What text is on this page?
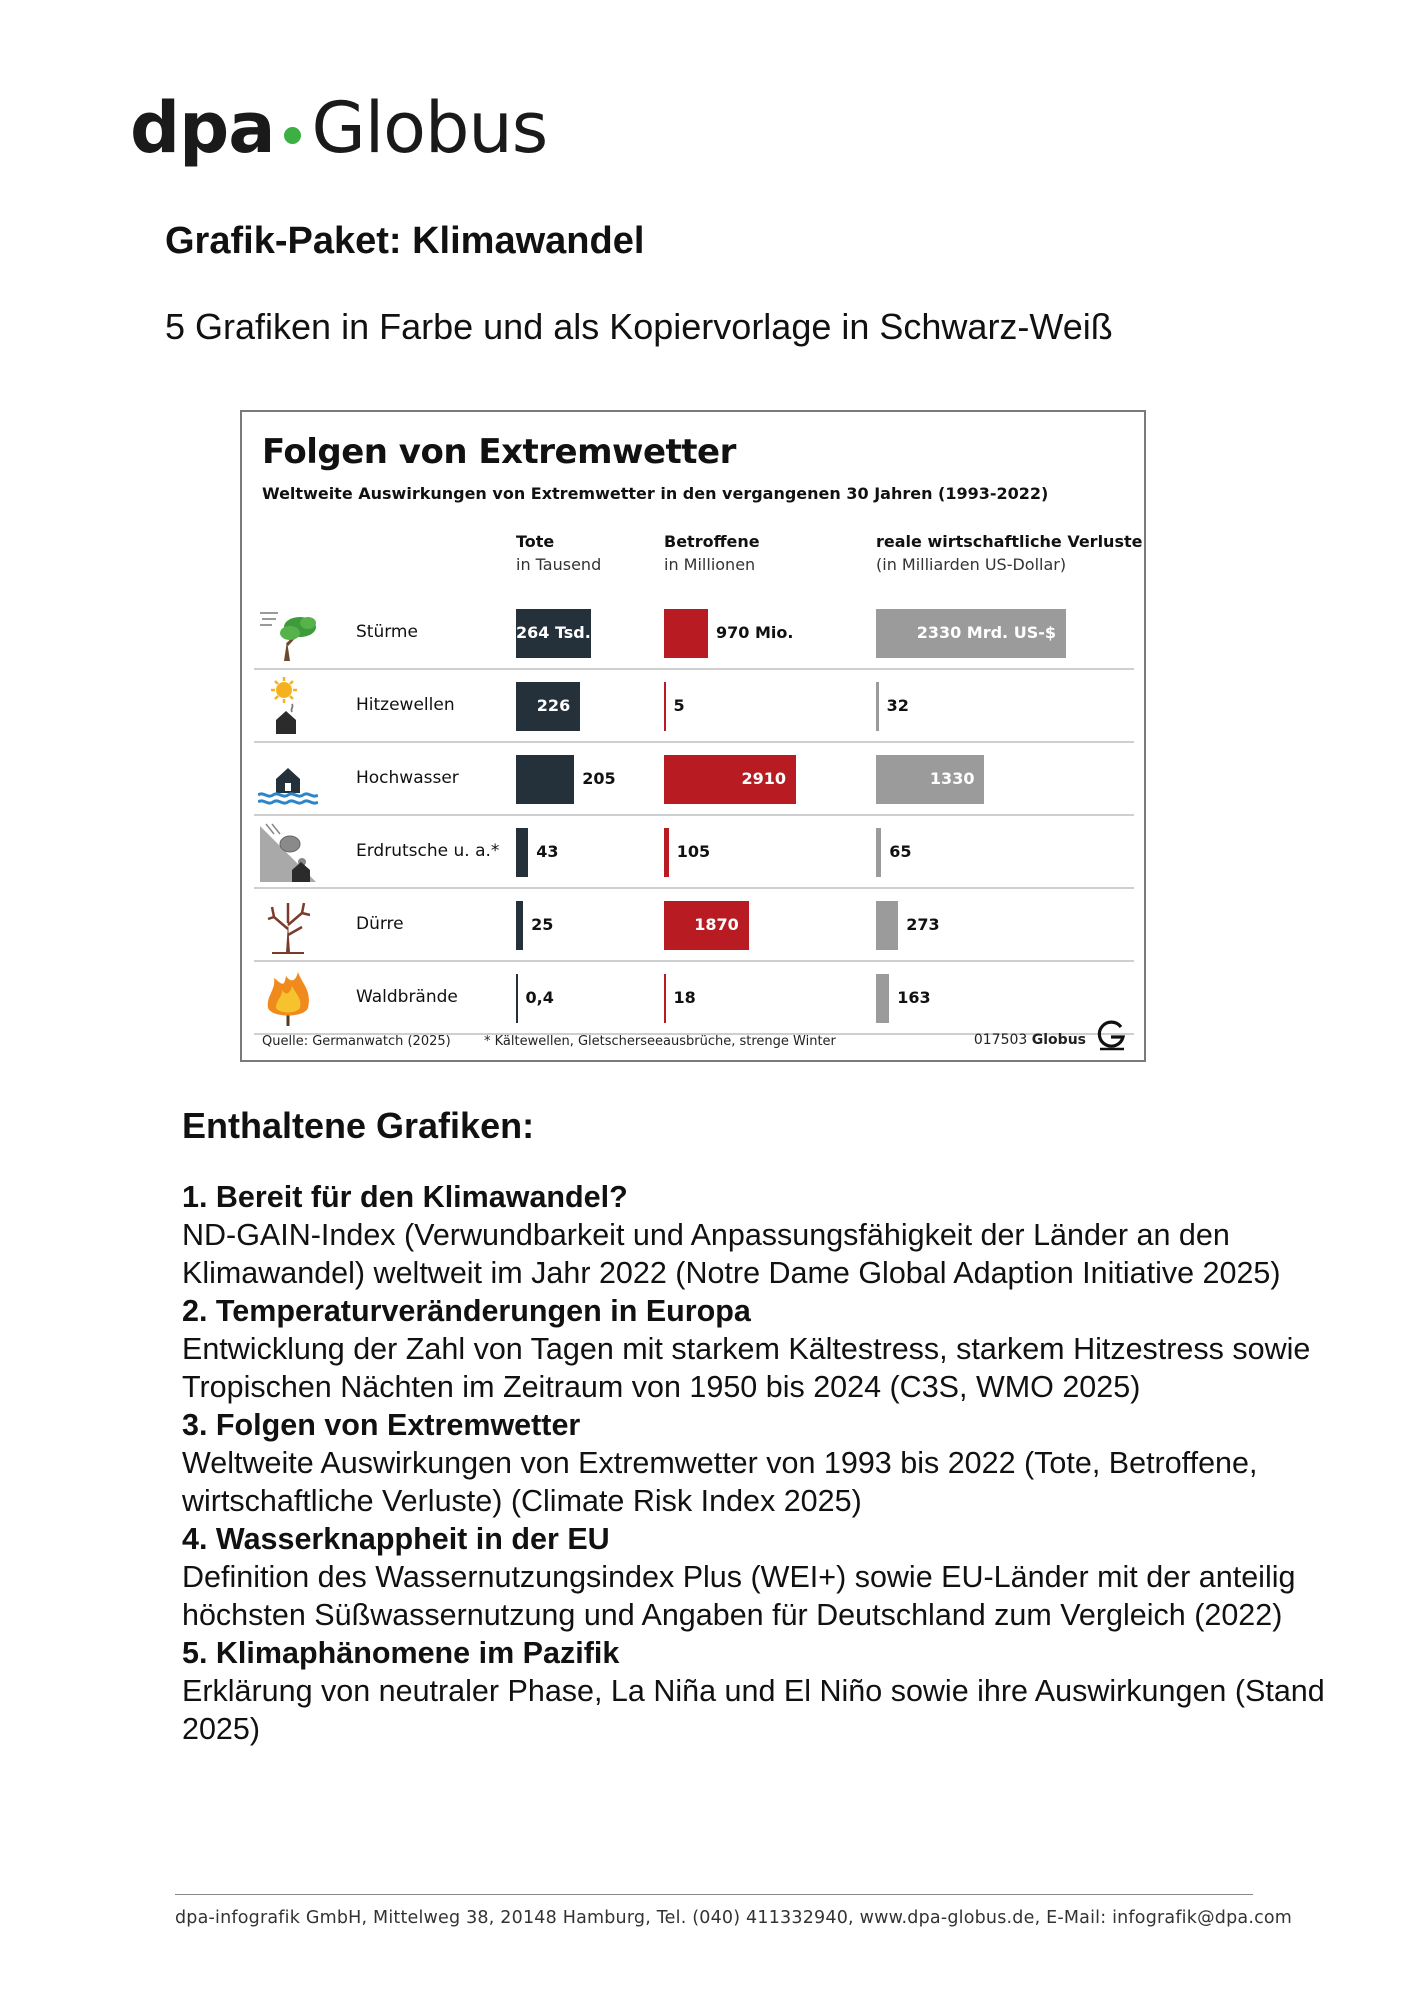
dpa Globus
Grafik-Paket: Klimawandel

5 Grafiken in Farbe und als Kopiervorlage in Schwarz-Weiß

Folgen von Extremwetter
Weltweite Auswirkungen von Extremwetter in den vergangenen 30 Jahren (1993-2022)
Tote
in Tausend
Betroffene
in Millionen
reale wirtschaftliche Verluste
(in Milliarden US-Dollar)
Stürme	264 Tsd.	970 Mio.	2330 Mrd. US-$
Hitzewellen	226	5	32
Hochwasser	205	2910	1330
Erdrutsche u. a.* 43	105	65
Dürre	25	1870	273
Waldbrände	0,4	18	163
Quelle: Germanwatch (2025)	* Kältewellen, Gletscherseeausbrüche, strenge Winter	017503 Globus
Enthaltene Grafiken:
1. Bereit für den Klimawandel?
ND-GAIN-Index (Verwundbarkeit und Anpassungsfähigkeit der Länder an den Klimawandel) weltweit im Jahr 2022 (Notre Dame Global Adaption Initiative 2025)
2. Temperaturveränderungen in Europa
Entwicklung der Zahl von Tagen mit starkem Kältestress, starkem Hitzestress sowie Tropischen Nächten im Zeitraum von 1950 bis 2024 (C3S, WMO 2025)
3. Folgen von Extremwetter
Weltweite Auswirkungen von Extremwetter von 1993 bis 2022 (Tote, Betroffene, wirtschaftliche Verluste) (Climate Risk Index 2025)
4. Wasserknappheit in der EU
Definition des Wassernutzungsindex Plus (WEI+) sowie EU-Länder mit der anteilig höchsten Süßwassernutzung und Angaben für Deutschland zum Vergleich (2022)
5. Klimaphänomene im Pazifik
Erklärung von neutraler Phase, La Niña und El Niño sowie ihre Auswirkungen (Stand 2025)
dpa-infografik GmbH, Mittelweg 38, 20148 Hamburg, Tel. (040) 411332940, www.dpa-globus.de, E-Mail: infografik@dpa.com
